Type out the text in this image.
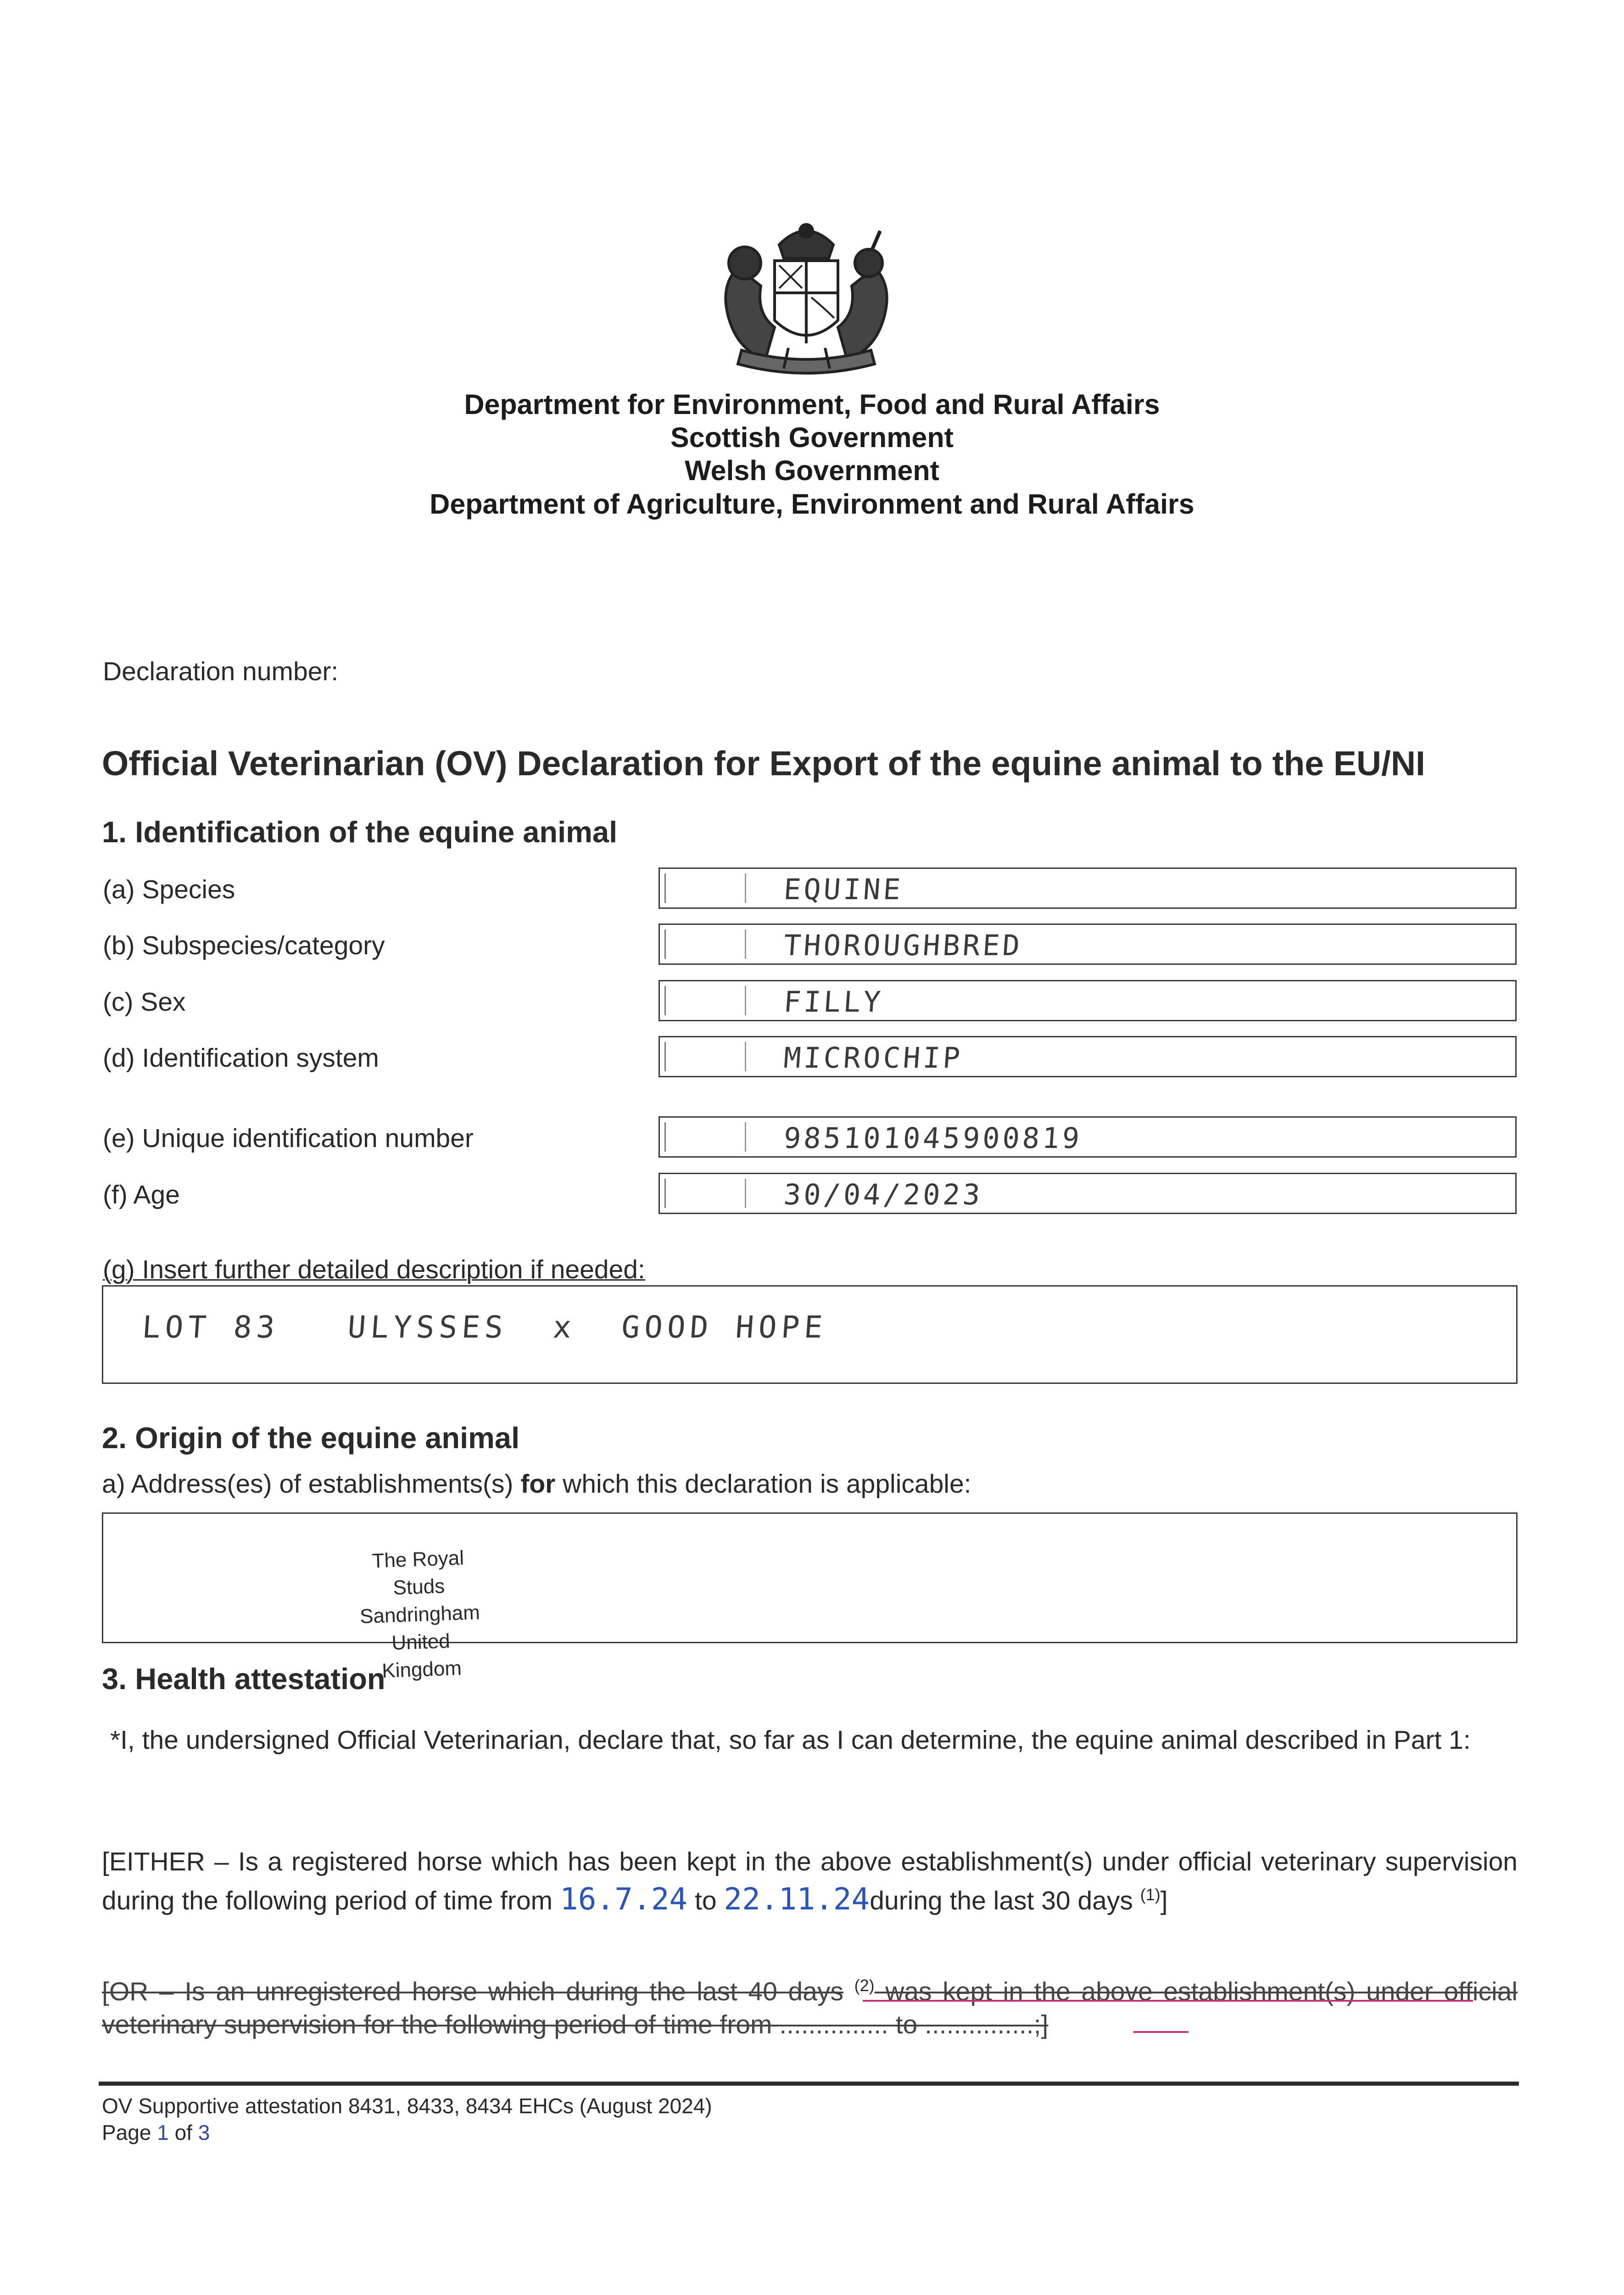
Department for Environment, Food and Rural Affairs
Scottish Government
Welsh Government
Department of Agriculture, Environment and Rural Affairs
Declaration number:
Official Veterinarian (OV) Declaration for Export of the equine animal to the EU/NI
1. Identification of the equine animal
(a) Species	EQUINE
(b) Subspecies/category	THOROUGHBRED
(c) Sex	FILLY
(d) Identification system	MICROCHIP
(e) Unique identification number	985101045900819
(f) Age	30/04/2023
(g) Insert further detailed description if needed:
LOT 83   ULYSSES  x  GOOD HOPE
2. Origin of the equine animal
a) Address(es) of establishments(s) for which this declaration is applicable:
The Royal Studs
Sandringham
United Kingdom
3. Health attestation
*I, the undersigned Official Veterinarian, declare that, so far as I can determine, the equine animal described in Part 1:
[EITHER – Is a registered horse which has been kept in the above establishment(s) under official veterinary supervision during the following period of time from 16.7.24 to 22.11.24during the last 30 days $^{(1)}$]
[OR – Is an unregistered horse which during the last 40 days $^{(2)}$ was kept in the above establishment(s) under official veterinary supervision for the following period of time from ............... to ...............;]
OV Supportive attestation 8431, 8433, 8434 EHCs (August 2024)
Page 1 of 3
